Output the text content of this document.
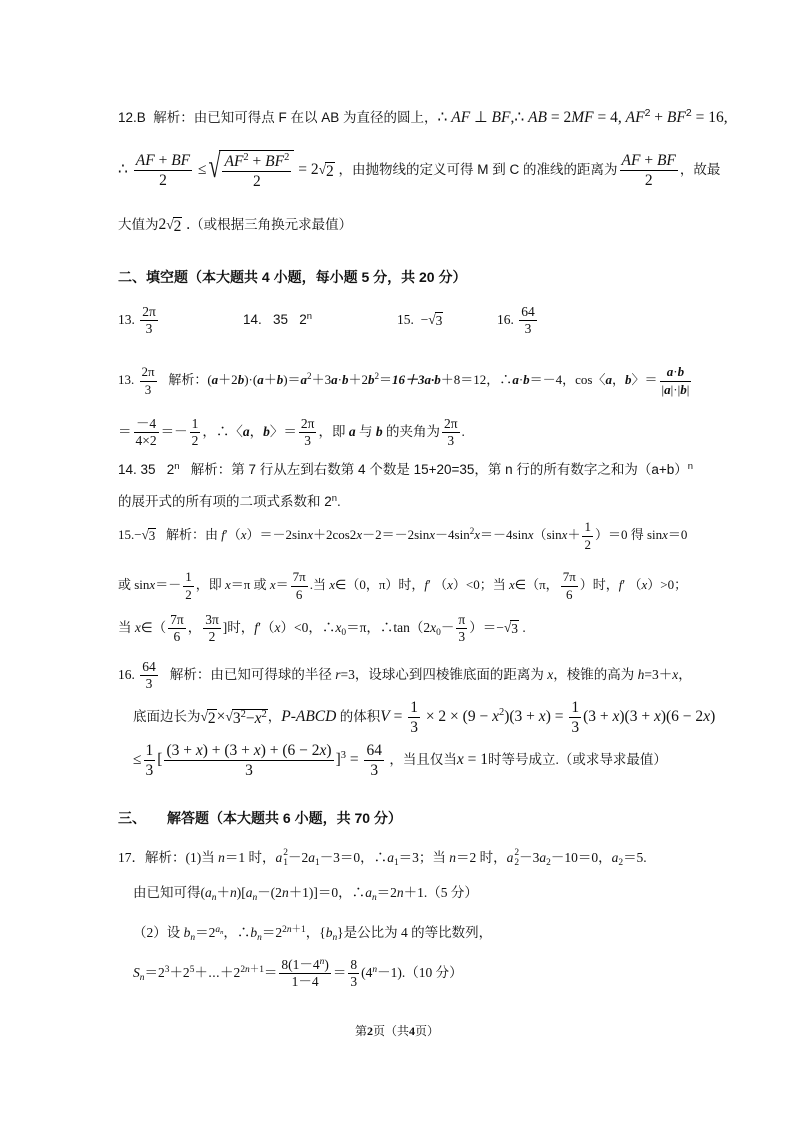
12.B  解析：由已知可得点 F 在以 AB 为直径的圆上，∴ AF ⊥ BF,∴ AB = 2MF = 4, $AF^2 + BF^2 = 16$,
∴ $\frac{AF + BF}{2}$ ≤ √ $\frac{AF^2 + BF^2}{2} = 2$ √ 2 ，由抛物线的定义可得 M 到 C 的准线的距离为 $\frac{AF + BF}{2}$ ，故最
大值为2 √ 2 .（或根据三角换元求最值）
二、填空题（本大题共 4 小题，每小题 5 分，共 20 分）
13. $\frac{2\pi}{3}$	14.   35   2$^n$	15.  − √ 3	16. $\frac{64}{3}$
13. $\frac{2\pi}{3}$ 解析：$(a+2b)\cdot(a+b)=a^2+3a\cdot b+2b^2=16+3a\cdot b+8=12$，∴a·b＝－4，cos〈a，b〉＝ $\frac{a\cdot b}{|a|\cdot|b|}$
＝ $\frac{-4}{4\times 2} =- \frac{1}{2}$ ，∴〈a，b〉＝ $\frac{2\pi}{3}$ ，即 a 与 b 的夹角为 $\frac{2\pi}{3}$ .
14. 35   2$^n$   解析：第 7 行从左到右数第 4 个数是 15+20=35，第 n 行的所有数字之和为$(a+b)^n$
的展开式的所有项的二项式系数和 2$^n$.
15.− √ 3 解析：由 $f'(x)=-2\sin x+2\cos 2x-2=-2\sin x-4\sin^2x=-4\sin x(\sin x+ \frac{1}{2} )=0$ 得 sinx＝0
或 $\sin x=- \frac{1}{2}$ ，即 x＝π 或 $x= \frac{7\pi}{6}$ .当 x∈（0，π）时，f′ （x）<0；当 x∈（π， $\frac{7\pi}{6}$ ）时，f′ （x）>0；
当 x∈（ $\frac{7\pi}{6}$ ， $\frac{3\pi}{2}$ ]时，f′（x）<0，$\therefore x_0=\pi$，$\therefore\tan(2x_0- \frac{\pi}{3}$ ）＝− √ 3 .
16. $\frac{64}{3}$ 解析：由已知可得球的半径 r=3，设球心到四棱锥底面的距离为 x，棱锥的高为 h=3＋x，
底面边长为 √ 2 × √ $3^2-x^2$ ，P-ABCD 的体积$V = \frac{1}{3} \times 2 \times (9 - x^2)(3 + x) = \frac{1}{3} (3 + x)(3 + x)(6 - 2x)$
≤ $\frac{1}{3}$ [ $\frac{(3 + x) + (3 + x) + (6 - 2x)}{3} ]^3 = \frac{64}{3}$ ，当且仅当x = 1时等号成立.（或求导求最值）
三、　　解答题（本大题共 6 小题，共 70 分）
17．解析：(1)当 n＝1 时，a 2
$1 -2a_1-3=0$，$\therefore a_1=3$；当 n＝2 时，a 2
$2 -3a_2-10=0$，$a_2=5$.
由已知可得$(a_n+n)[a_n-(2n+1)]=0$，$\therefore a_n=2n+1.(5$ 分）
（2）设 $b_n=2^{a_n}$，$\therefore b_n=2^{2n+1}$，$\{b_n\}$是公比为 4 的等比数列，
$S_n=2^3+2^5+\cdots+2^{2n+1}= \frac{8(1-4^n)}{1-4} = \frac{8}{3} (4^n-1).(10$ 分）
第2页（共4页）
